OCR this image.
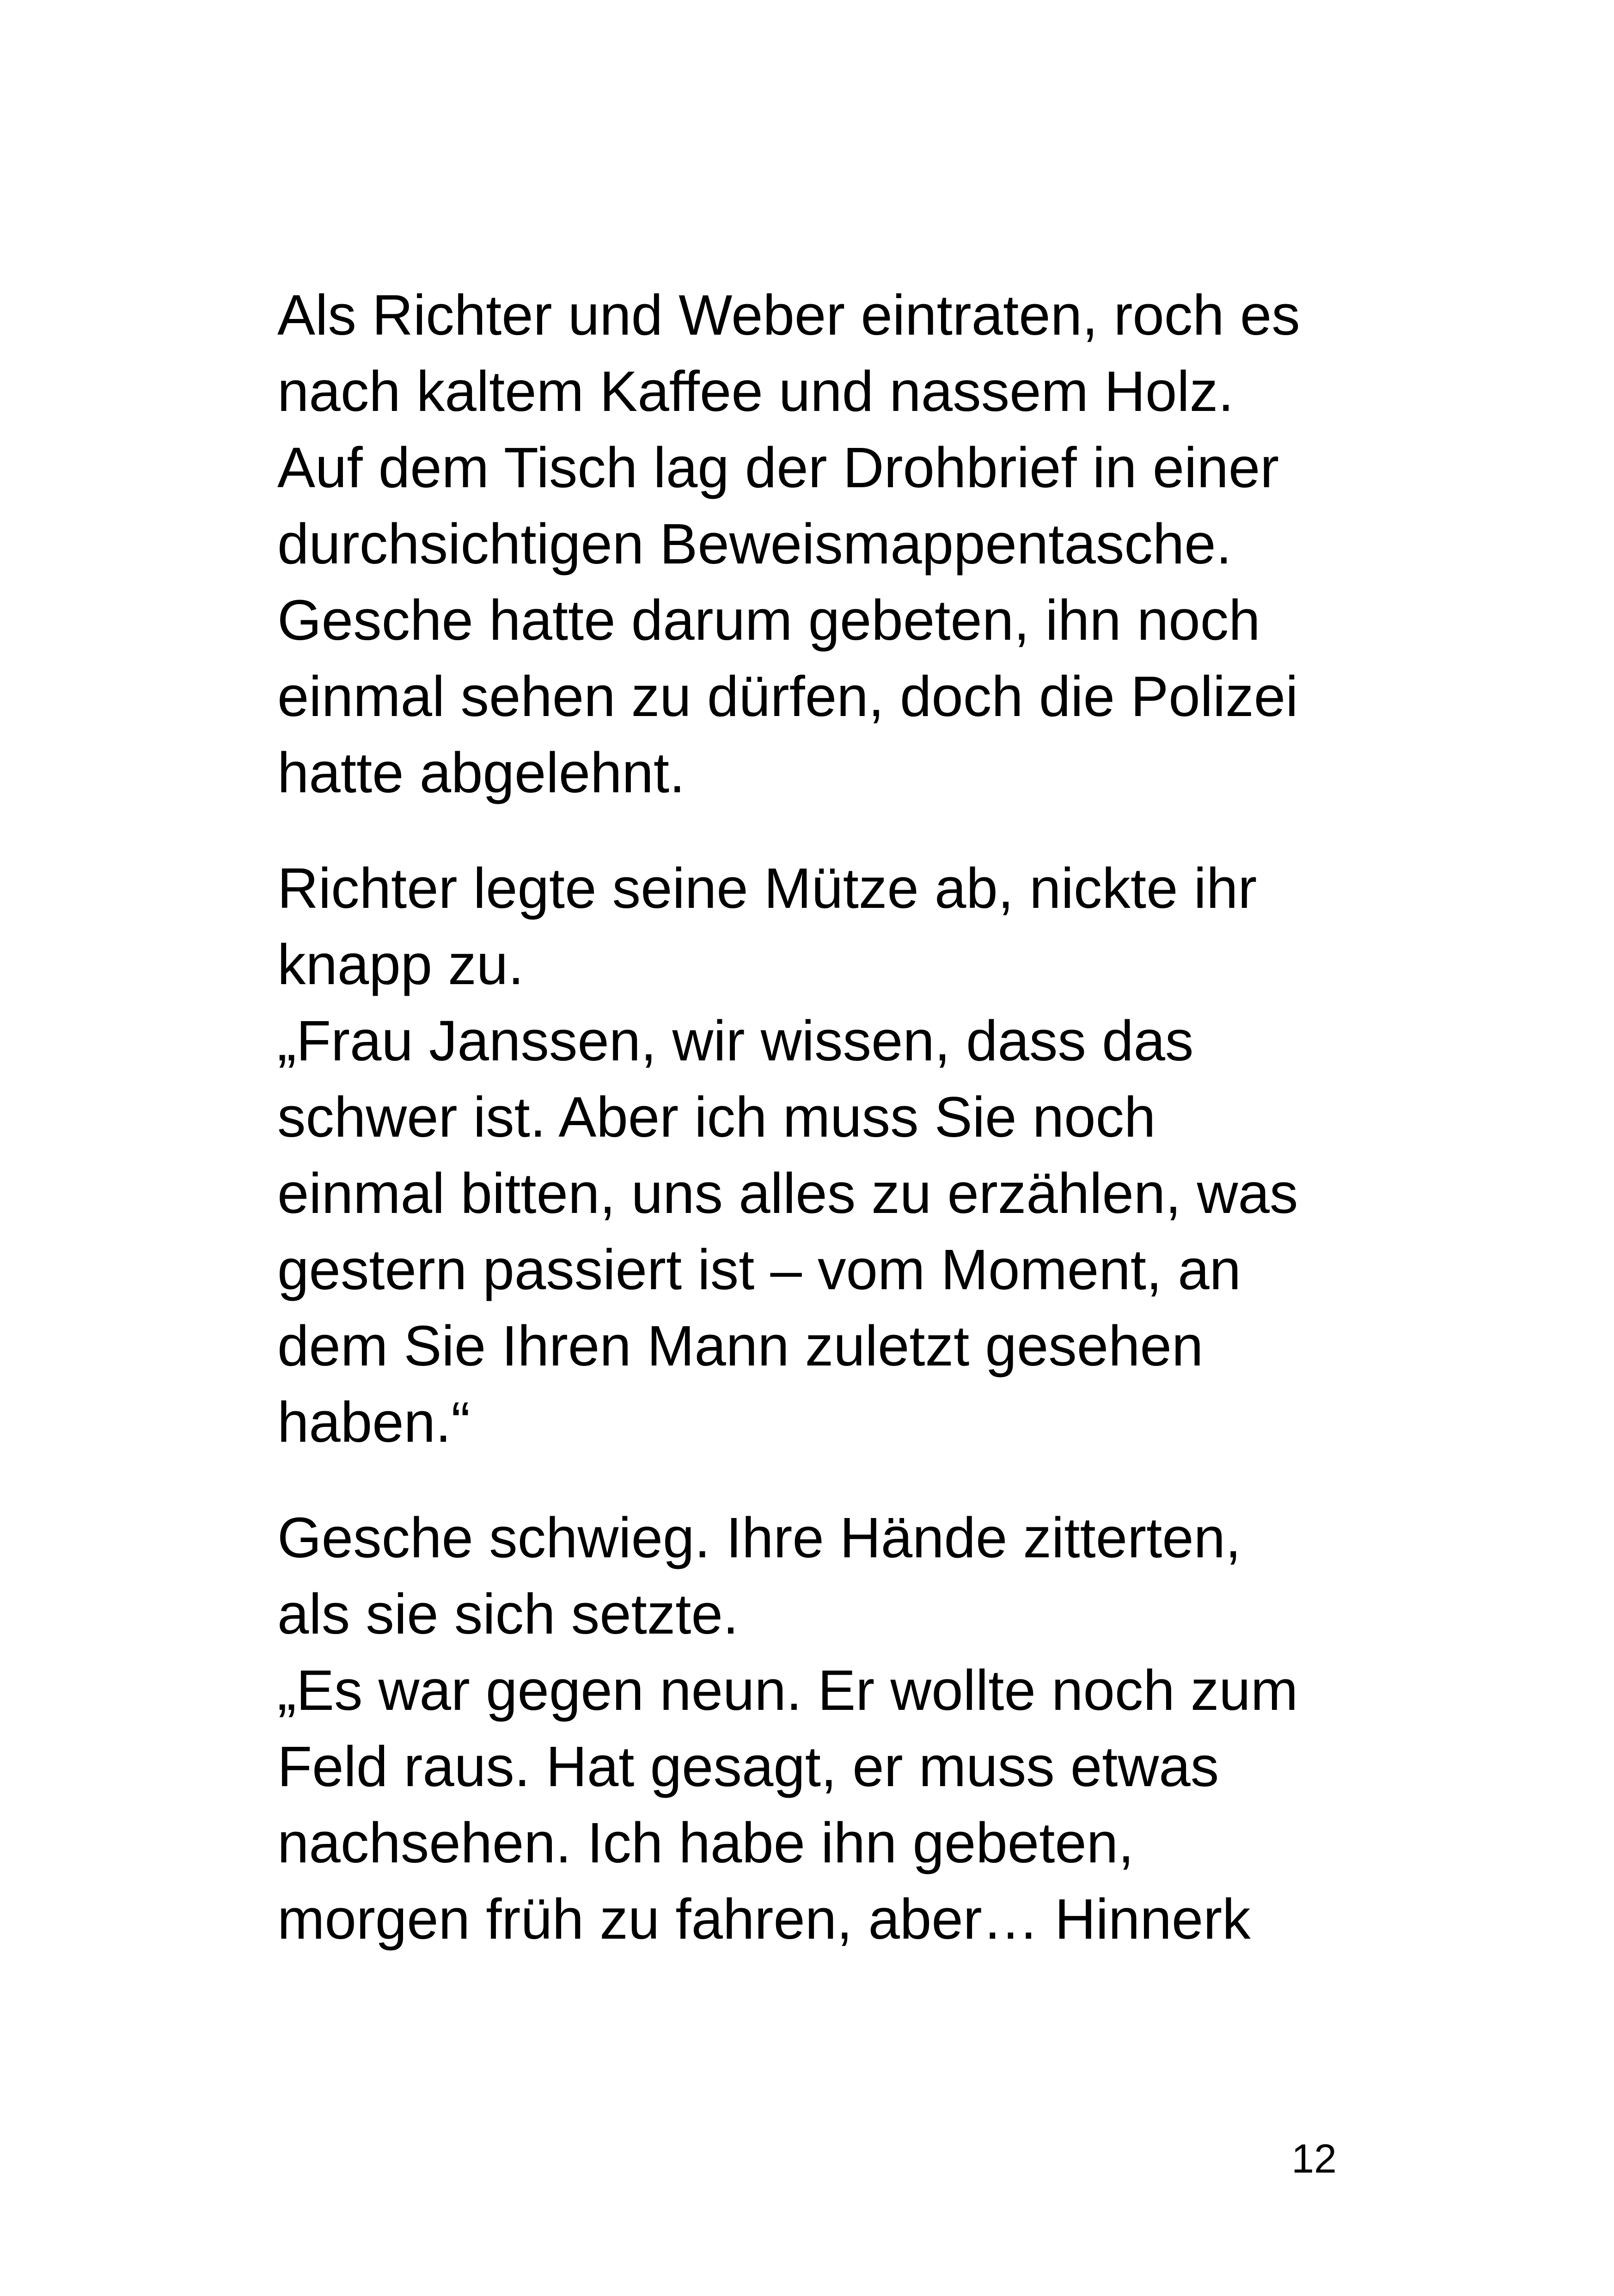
Als Richter und Weber eintraten, roch es
nach kaltem Kaffee und nassem Holz.
Auf dem Tisch lag der Drohbrief in einer
durchsichtigen Beweismappentasche.
Gesche hatte darum gebeten, ihn noch
einmal sehen zu dürfen, doch die Polizei
hatte abgelehnt.

Richter legte seine Mütze ab, nickte ihr
knapp zu.
„Frau Janssen, wir wissen, dass das
schwer ist. Aber ich muss Sie noch
einmal bitten, uns alles zu erzählen, was
gestern passiert ist – vom Moment, an
dem Sie Ihren Mann zuletzt gesehen
haben.“

Gesche schwieg. Ihre Hände zitterten,
als sie sich setzte.
„Es war gegen neun. Er wollte noch zum
Feld raus. Hat gesagt, er muss etwas
nachsehen. Ich habe ihn gebeten,
morgen früh zu fahren, aber… Hinnerk

12
